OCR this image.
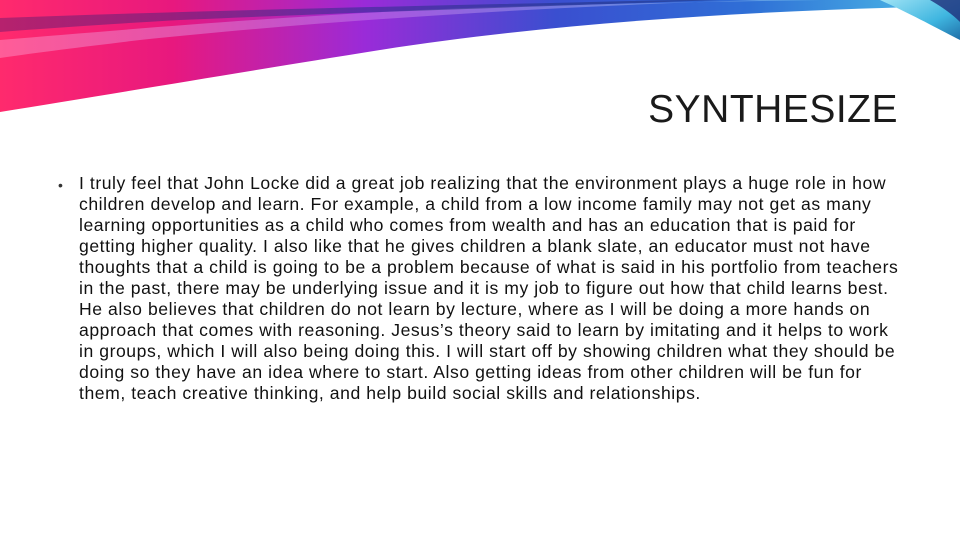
SYNTHESIZE
• I truly feel that John Locke did a great job realizing that the environment plays a huge role in how children develop and learn. For example, a child from a low income family may not get as many learning opportunities as a child who comes from wealth and has an education that is paid for getting higher quality. I also like that he gives children a blank slate, an educator must not have thoughts that a child is going to be a problem because of what is said in his portfolio from teachers in the past, there may be underlying issue and it is my job to figure out how that child learns best. He also believes that children do not learn by lecture, where as I will be doing a more hands on approach that comes with reasoning. Jesus’s theory said to learn by imitating and it helps to work in groups, which I will also being doing this. I will start off by showing children what they should be doing so they have an idea where to start. Also getting ideas from other children will be fun for them, teach creative thinking, and help build social skills and relationships.
